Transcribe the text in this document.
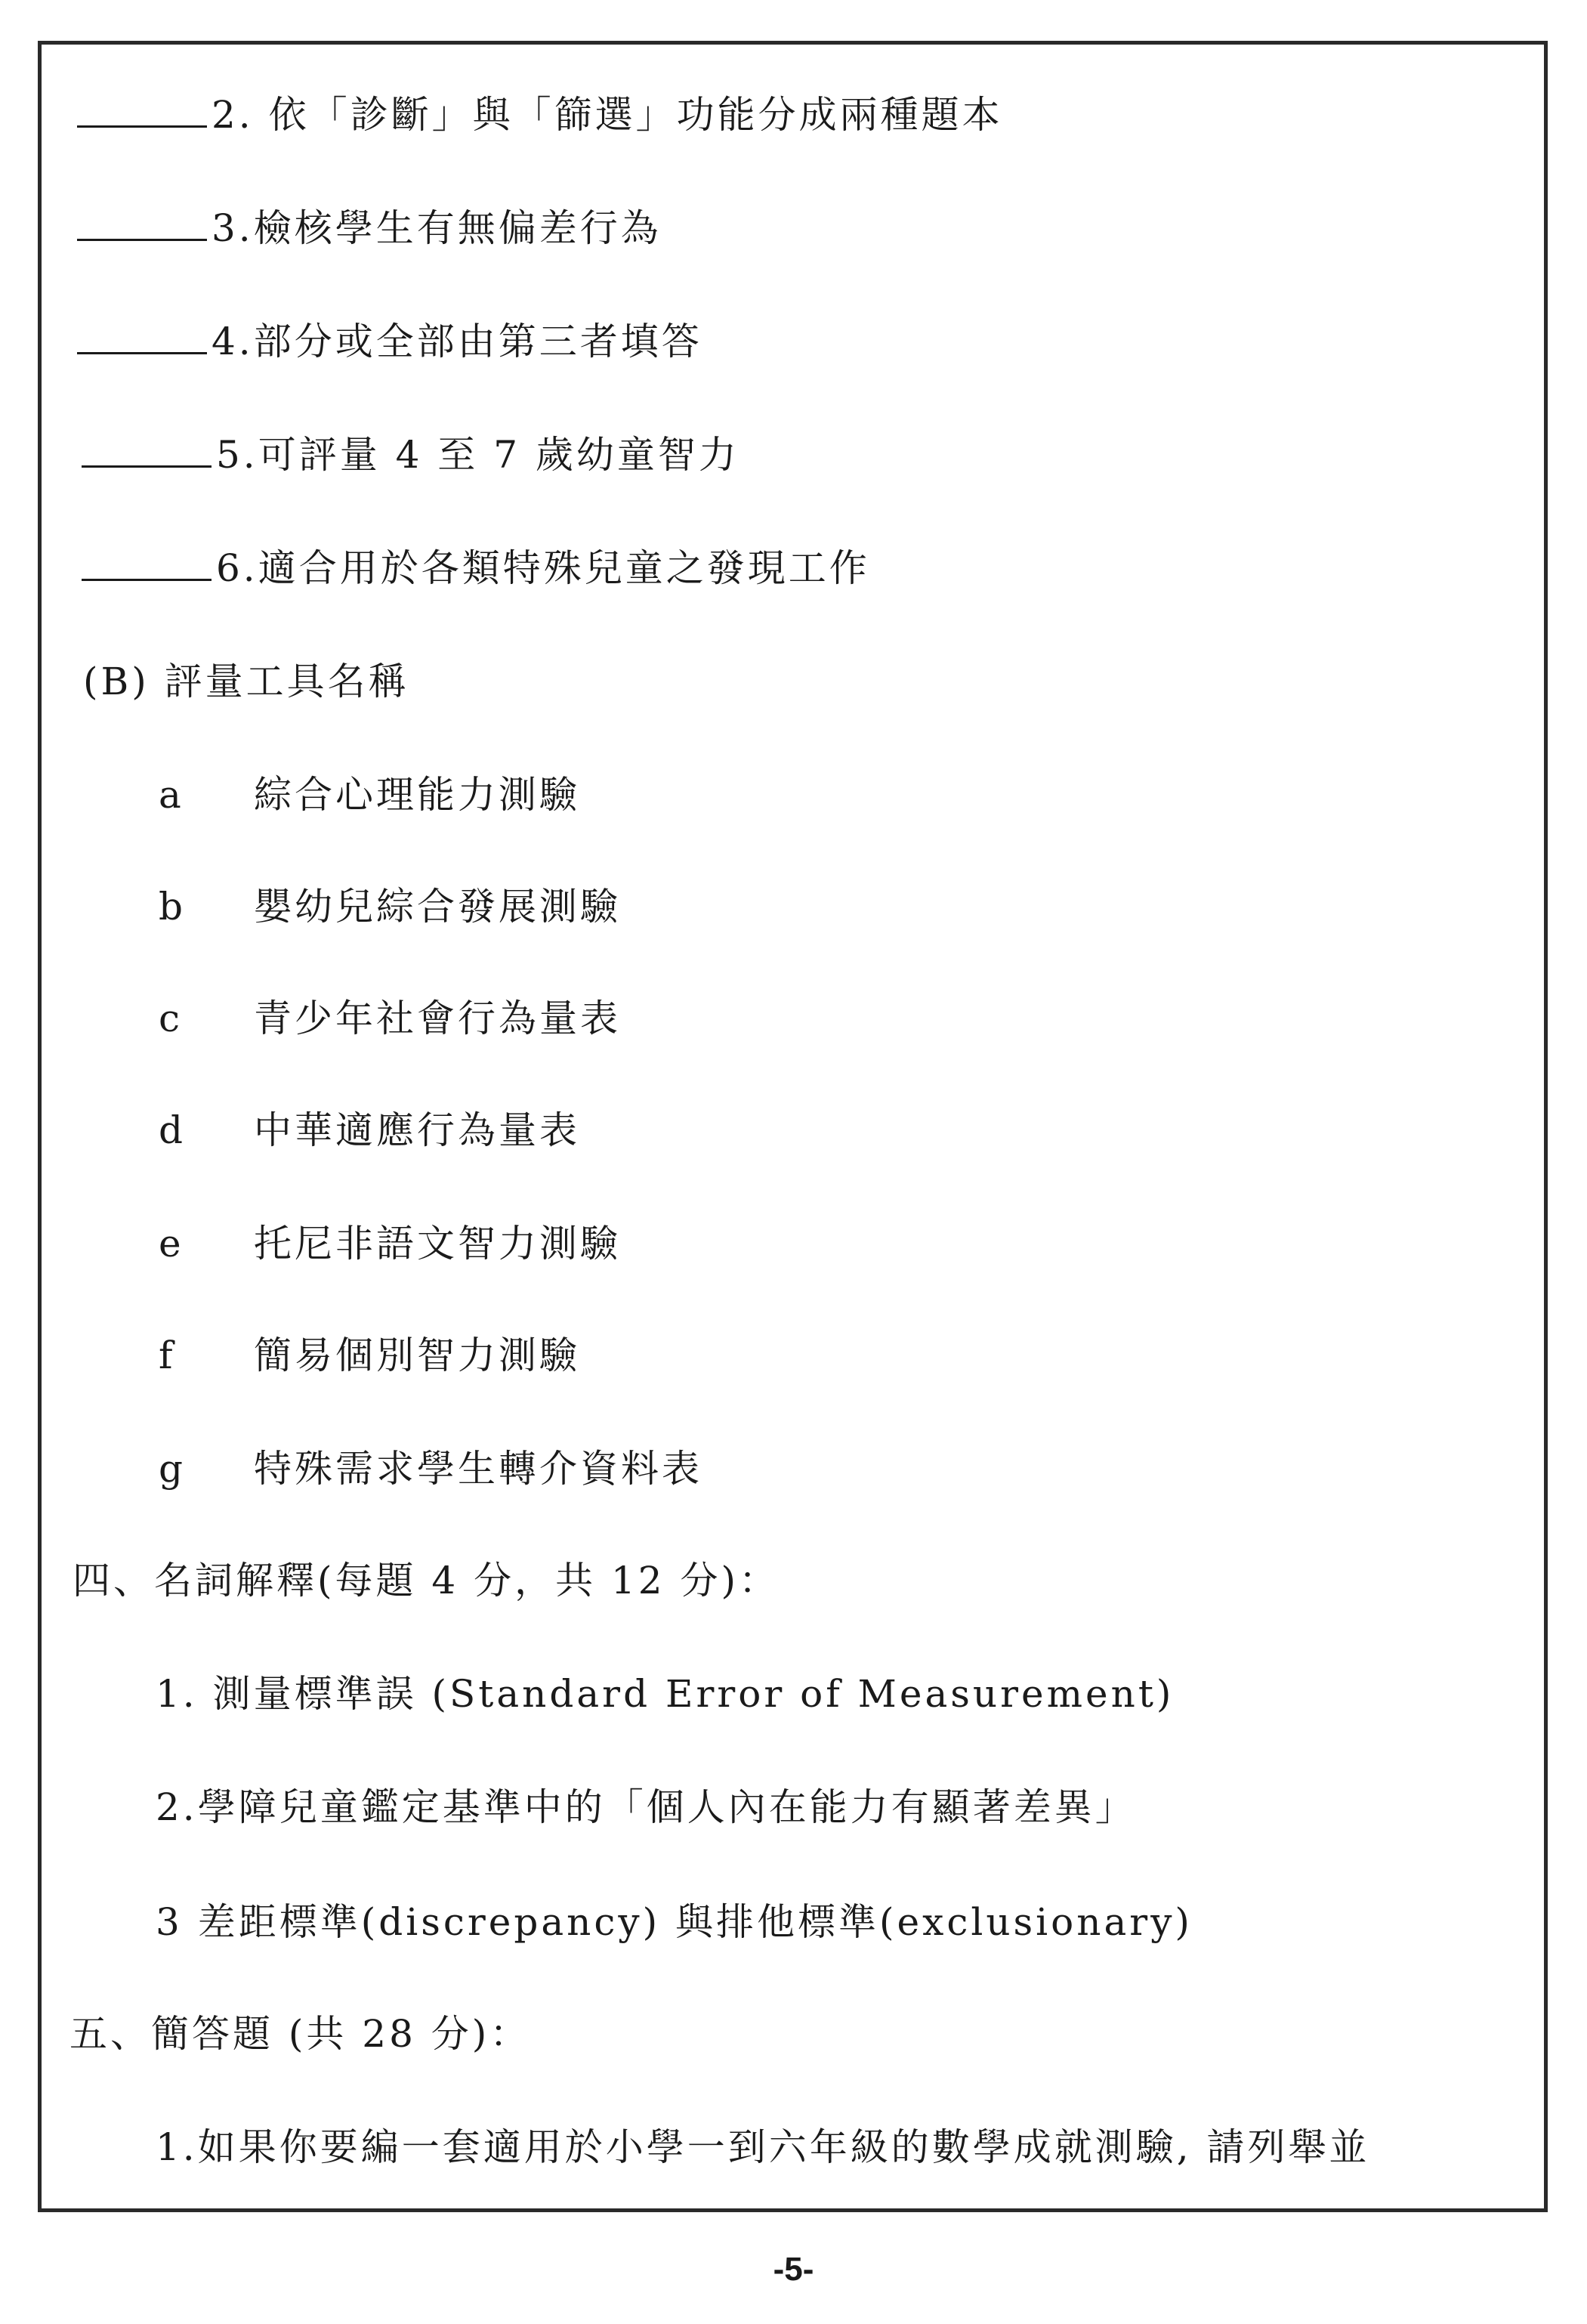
2. 依「診斷」與「篩選」功能分成兩種題本
3.檢核學生有無偏差行為
4.部分或全部由第三者填答
5.可評量 4 至 7 歲幼童智力
6.適合用於各類特殊兒童之發現工作
(B) 評量工具名稱
a 綜合心理能力測驗
b 嬰幼兒綜合發展測驗
c 青少年社會行為量表
d 中華適應行為量表
e 托尼非語文智力測驗
f 簡易個別智力測驗
g 特殊需求學生轉介資料表
四、名詞解釋(每題 4 分，共 12 分)：
1. 測量標準誤 (Standard Error of Measurement)
2.學障兒童鑑定基準中的「個人內在能力有顯著差異」
3 差距標準(discrepancy) 與排他標準(exclusionary)
五、簡答題 (共 28 分)：
1.如果你要編一套適用於小學一到六年級的數學成就測驗, 請列舉並
-5-
